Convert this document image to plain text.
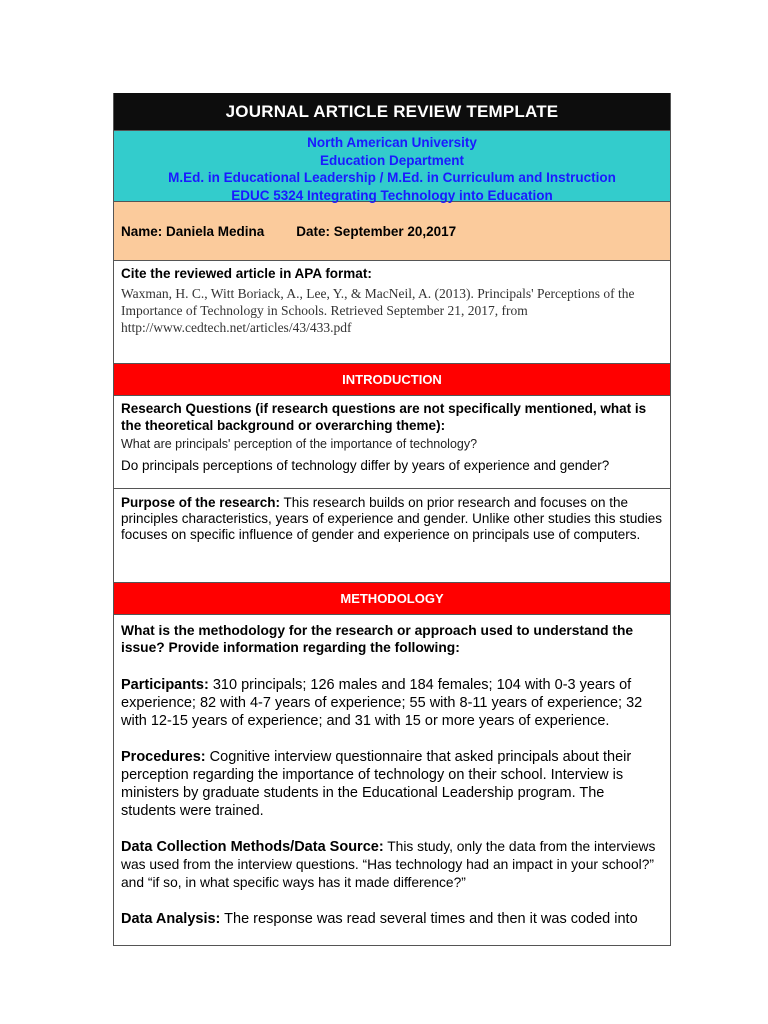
JOURNAL ARTICLE REVIEW TEMPLATE
North American University
Education Department
M.Ed. in Educational Leadership / M.Ed. in Curriculum and Instruction
EDUC 5324 Integrating Technology into Education
Name: Daniela Medina Date: September 20,2017
Cite the reviewed article in APA format:
Waxman, H. C., Witt Boriack, A., Lee, Y., & MacNeil, A. (2013). Principals' Perceptions of the Importance of Technology in Schools. Retrieved September 21, 2017, from http://www.cedtech.net/articles/43/433.pdf
INTRODUCTION
Research Questions (if research questions are not specifically mentioned, what is the theoretical background or overarching theme):
What are principals' perception of the importance of technology?
Do principals perceptions of technology differ by years of experience and gender?
Purpose of the research: This research builds on prior research and focuses on the principles characteristics, years of experience and gender. Unlike other studies this studies focuses on specific influence of gender and experience on principals use of computers.
METHODOLOGY
What is the methodology for the research or approach used to understand the issue? Provide information regarding the following:
Participants: 310 principals; 126 males and 184 females; 104 with 0-3 years of experience; 82 with 4-7 years of experience; 55 with 8-11 years of experience; 32 with 12-15 years of experience; and 31 with 15 or more years of experience.
Procedures: Cognitive interview questionnaire that asked principals about their perception regarding the importance of technology on their school. Interview is ministers by graduate students in the Educational Leadership program. The students were trained.
Data Collection Methods/Data Source: This study, only the data from the interviews was used from the interview questions. “Has technology had an impact in your school?” and “if so, in what specific ways has it made difference?”
Data Analysis: The response was read several times and then it was coded into
